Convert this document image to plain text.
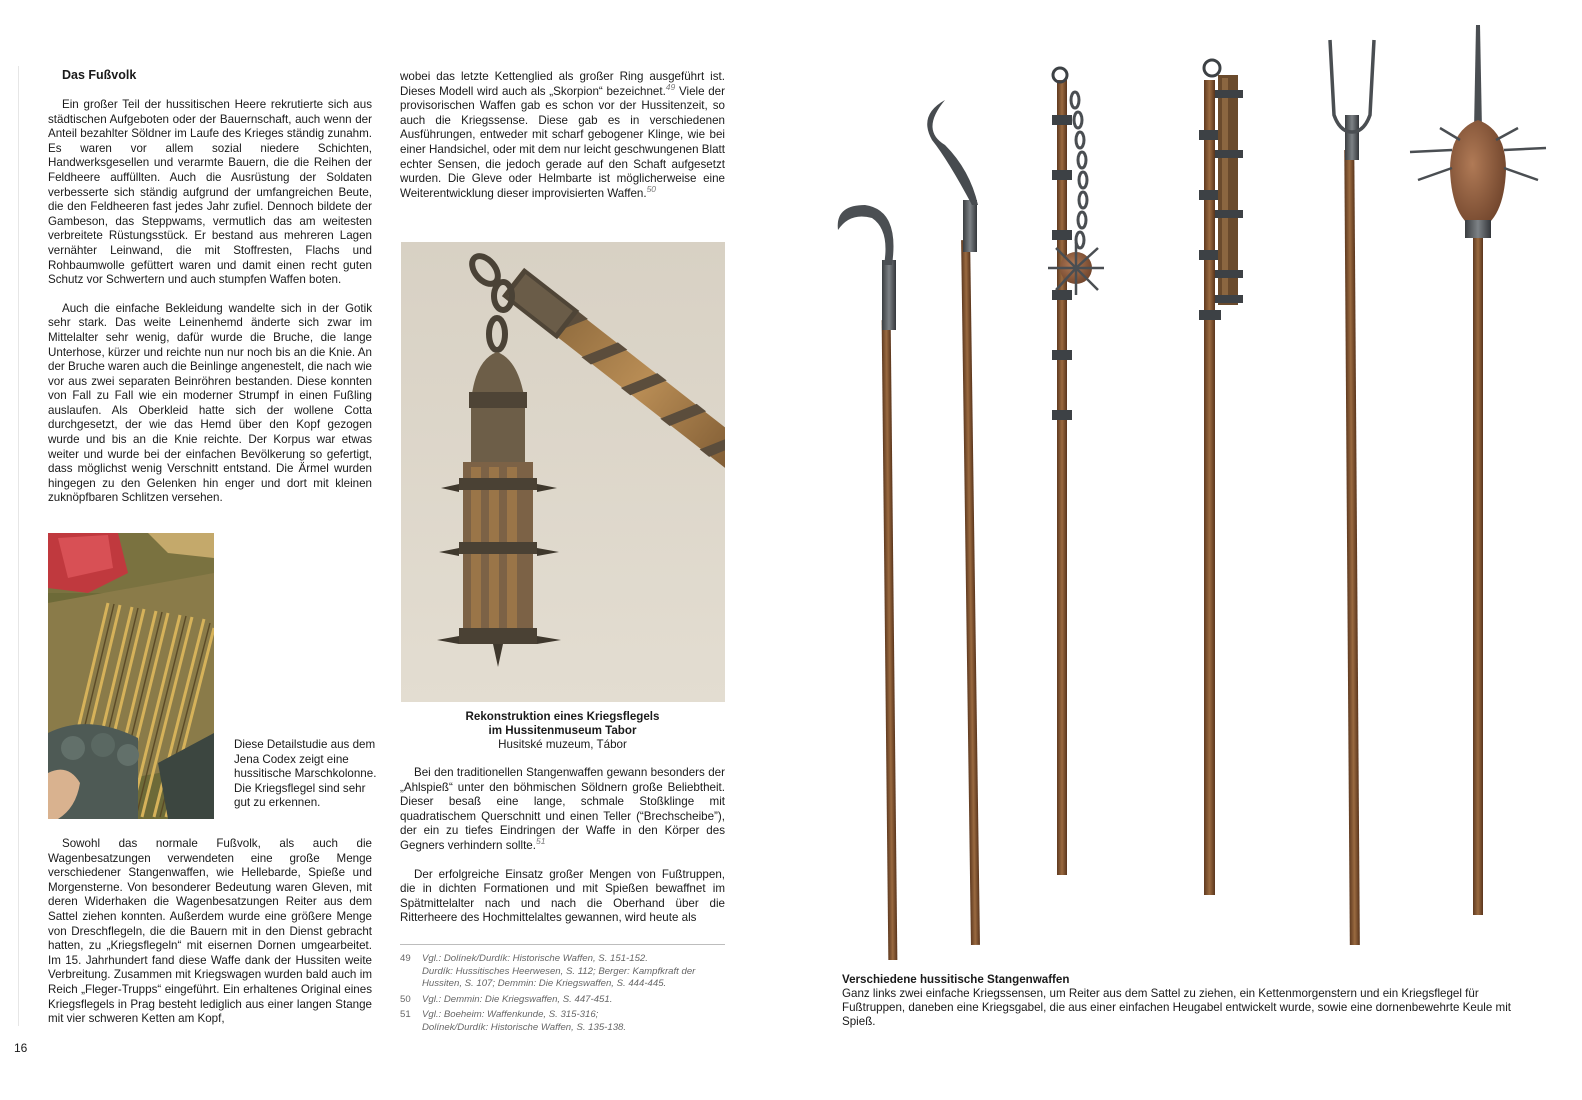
Das Fußvolk

Ein großer Teil der hussitischen Heere rekrutierte sich aus städtischen Aufgeboten oder der Bauernschaft, auch wenn der Anteil bezahlter Söldner im Laufe des Krieges ständig zunahm. Es waren vor allem sozial niedere Schichten, Handwerksgesellen und verarmte Bauern, die die Reihen der Feldheere auffüllten. Auch die Ausrüstung der Soldaten verbesserte sich ständig aufgrund der umfangreichen Beute, die den Feldheeren fast jedes Jahr zufiel. Dennoch bildete der Gambeson, das Steppwams, vermutlich das am weitesten verbreitete Rüstungsstück. Er bestand aus mehreren Lagen vernähter Leinwand, die mit Stoffresten, Flachs und Rohbaumwolle gefüttert waren und damit einen recht guten Schutz vor Schwertern und auch stumpfen Waffen boten.

Auch die einfache Bekleidung wandelte sich in der Gotik sehr stark. Das weite Leinenhemd änderte sich zwar im Mittelalter sehr wenig, dafür wurde die Bruche, die lange Unterhose, kürzer und reichte nun nur noch bis an die Knie. An der Bruche waren auch die Beinlinge angenestelt, die nach wie vor aus zwei separaten Beinröhren bestanden. Diese konnten von Fall zu Fall wie ein moderner Strumpf in einen Fußling auslaufen. Als Oberkleid hatte sich der wollene Cotta durchgesetzt, der wie das Hemd über den Kopf gezogen wurde und bis an die Knie reichte. Der Korpus war etwas weiter und wurde bei der einfachen Bevölkerung so gefertigt, dass möglichst wenig Verschnitt entstand. Die Ärmel wurden hingegen zu den Gelenken hin enger und dort mit kleinen zuknöpfbaren Schlitzen versehen.

Diese Detailstudie aus dem Jena Codex zeigt eine hussitische Marschkolonne. Die Kriegsflegel sind sehr gut zu erkennen.

Sowohl das normale Fußvolk, als auch die Wagenbesatzungen verwendeten eine große Menge verschiedener Stangenwaffen, wie Hellebarde, Spieße und Morgensterne. Von besonderer Bedeutung waren Gleven, mit deren Widerhaken die Wagenbesatzungen Reiter aus dem Sattel ziehen konnten. Außerdem wurde eine größere Menge von Dreschflegeln, die die Bauern mit in den Dienst gebracht hatten, zu „Kriegsflegeln“ mit eisernen Dornen umgearbeitet. Im 15. Jahrhundert fand diese Waffe dank der Hussiten weite Verbreitung. Zusammen mit Kriegswagen wurden bald auch im Reich „Fleger-Trupps“ eingeführt. Ein erhaltenes Original eines Kriegsflegels in Prag besteht lediglich aus einer langen Stange mit vier schweren Ketten am Kopf,

wobei das letzte Kettenglied als großer Ring ausgeführt ist. Dieses Modell wird auch als „Skorpion“ bezeichnet.$^{49}$ Viele der provisorischen Waffen gab es schon vor der Hussitenzeit, so auch die Kriegssense. Diese gab es in verschiedenen Ausführungen, entweder mit scharf gebogener Klinge, wie bei einer Handsichel, oder mit dem nur leicht geschwungenen Blatt echter Sensen, die jedoch gerade auf den Schaft aufgesetzt wurden. Die Gleve oder Helmbarte ist möglicherweise eine Weiterentwicklung dieser improvisierten Waffen.$^{50}$

Rekonstruktion eines Kriegsflegels
im Hussitenmuseum Tabor
Husitské muzeum, Tábor

Bei den traditionellen Stangenwaffen gewann besonders der „Ahlspieß“ unter den böhmischen Söldnern große Beliebtheit. Dieser besaß eine lange, schmale Stoßklinge mit quadratischem Querschnitt und einen Teller (“Brechscheibe”), der ein zu tiefes Eindringen der Waffe in den Körper des Gegners verhindern sollte.$^{51}$

Der erfolgreiche Einsatz großer Mengen von Fußtruppen, die in dichten Formationen und mit Spießen bewaffnet im Spätmittelalter nach und nach die Oberhand über die Ritterheere des Hochmittelaltes gewannen, wird heute als

49	Vgl.: Dolínek/Durdík: Historische Waffen, S. 151-152.
Durdík: Hussitisches Heerwesen, S. 112; Berger: Kampfkraft der Hussiten, S. 107; Demmin: Die Kriegswaffen, S. 444-445.
50	Vgl.: Demmin: Die Kriegswaffen, S. 447-451.
51	Vgl.: Boeheim: Waffenkunde, S. 315-316;
Dolínek/Durdík: Historische Waffen, S. 135-138.
Verschiedene hussitische Stangenwaffen
Ganz links zwei einfache Kriegssensen, um Reiter aus dem Sattel zu ziehen, ein Kettenmorgenstern und ein Kriegsflegel für Fußtruppen, daneben eine Kriegsgabel, die aus einer einfachen Heugabel entwickelt wurde, sowie eine dornenbewehrte Keule mit Spieß.
16
